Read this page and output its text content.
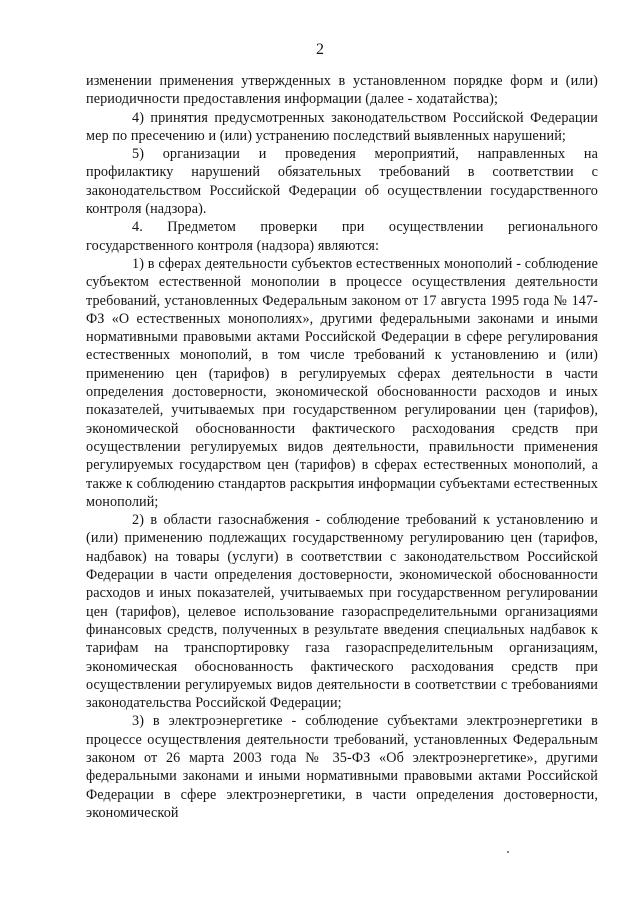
2

изменении применения утвержденных в установленном порядке форм и (или) периодичности предоставления информации (далее - ходатайства);

4) принятия предусмотренных законодательством Российской Федерации мер по пресечению и (или) устранению последствий выявленных нарушений;

5) организации и проведения мероприятий, направленных на профилактику нарушений обязательных требований в соответствии с законодательством Российской Федерации об осуществлении государственного контроля (надзора).

4. Предметом проверки при осуществлении регионального государственного контроля (надзора) являются:

1) в сферах деятельности субъектов естественных монополий - соблюдение субъектом естественной монополии в процессе осуществления деятельности требований, установленных Федеральным законом от 17 августа 1995 года № 147-ФЗ «О естественных монополиях», другими федеральными законами и иными нормативными правовыми актами Российской Федерации в сфере регулирования естественных монополий, в том числе требований к установлению и (или) применению цен (тарифов) в регулируемых сферах деятельности в части определения достоверности, экономической обоснованности расходов и иных показателей, учитываемых при государственном регулировании цен (тарифов), экономической обоснованности фактического расходования средств при осуществлении регулируемых видов деятельности, правильности применения регулируемых государством цен (тарифов) в сферах естественных монополий, а также к соблюдению стандартов раскрытия информации субъектами естественных монополий;

2) в области газоснабжения - соблюдение требований к установлению и (или) применению подлежащих государственному регулированию цен (тарифов, надбавок) на товары (услуги) в соответствии с законодательством Российской Федерации в части определения достоверности, экономической обоснованности расходов и иных показателей, учитываемых при государственном регулировании цен (тарифов), целевое использование газораспределительными организациями финансовых средств, полученных в результате введения специальных надбавок к тарифам на транспортировку газа газораспределительным организациям, экономическая обоснованность фактического расходования средств при осуществлении регулируемых видов деятельности в соответствии с требованиями законодательства Российской Федерации;

3) в электроэнергетике - соблюдение субъектами электроэнергетики в процессе осуществления деятельности требований, установленных Федеральным законом от 26 марта 2003 года № 35-ФЗ «Об электроэнергетике», другими федеральными законами и иными нормативными правовыми актами Российской Федерации в сфере электроэнергетики, в части определения достоверности, экономической
